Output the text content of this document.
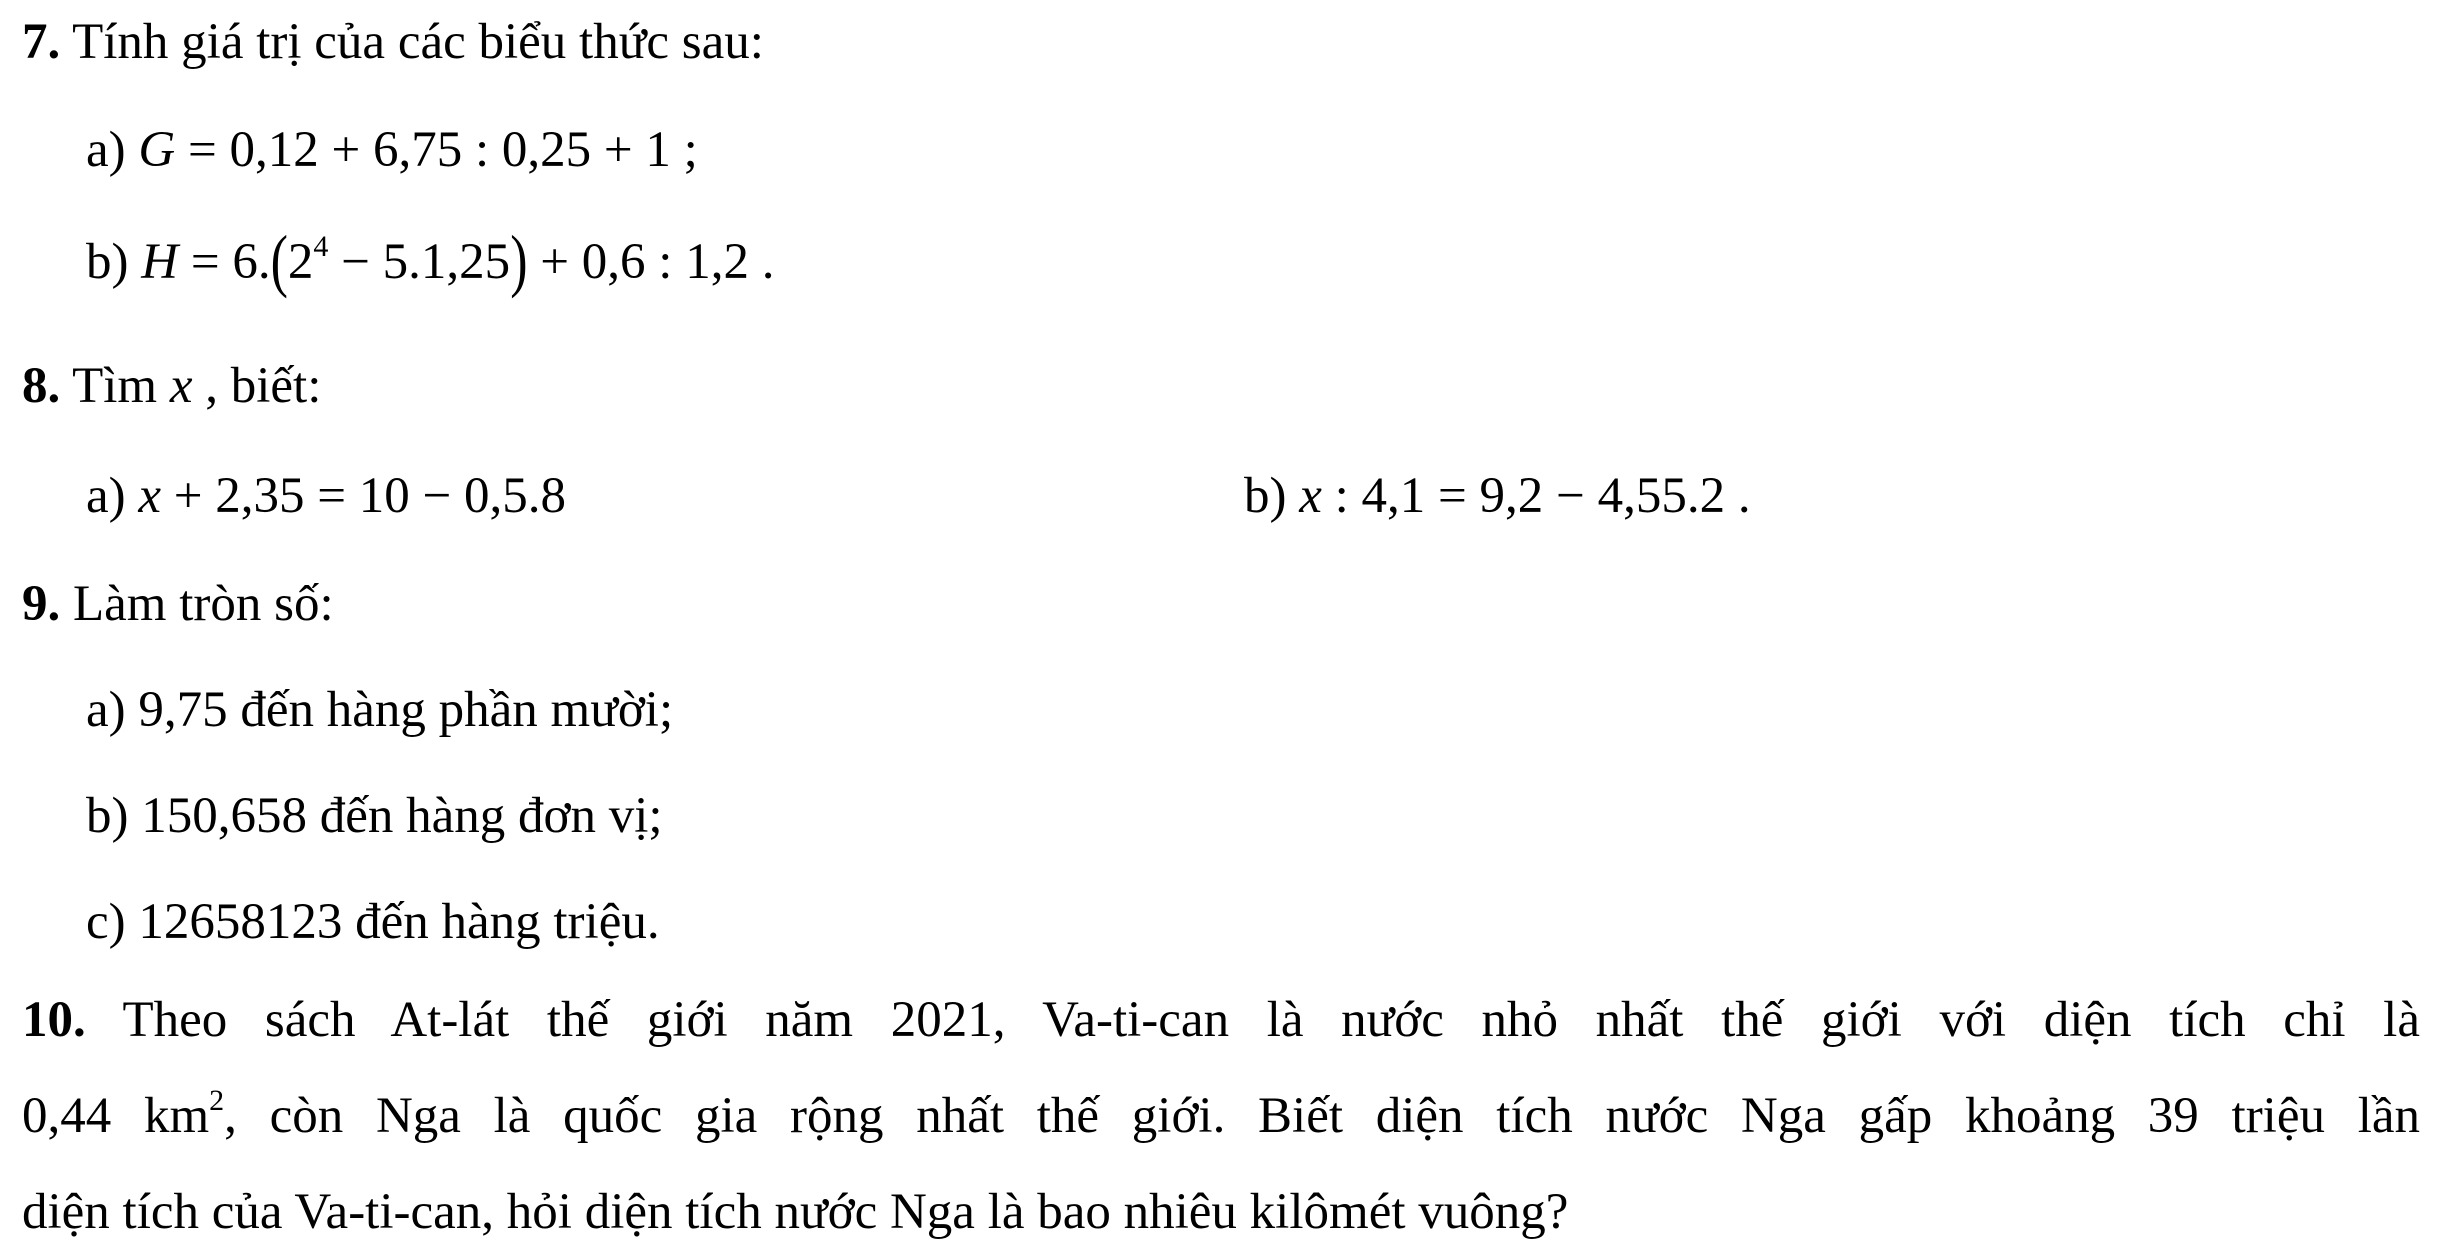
7. Tính giá trị của các biểu thức sau:
a) G = 0,12 + 6,75 : 0,25 + 1 ;
b) $H = 6.(2^4 - 5.1,25) + 0,6$ : 1,2 .
8. Tìm x , biết:
a) x + 2,35 = 10 − 0,5.8	b) x : 4,1 = 9,2 − 4,55.2 .
9. Làm tròn số:
a) 9,75 đến hàng phần mười;
b) 150,658 đến hàng đơn vị;
c) 12658123 đến hàng triệu.
10. Theo sách At-lát thế giới năm 2021, Va-ti-can là nước nhỏ nhất thế giới với diện tích chỉ là
0,44 $km^2$, còn Nga là quốc gia rộng nhất thế giới. Biết diện tích nước Nga gấp khoảng 39 triệu lần
diện tích của Va-ti-can, hỏi diện tích nước Nga là bao nhiêu kilômét vuông?
